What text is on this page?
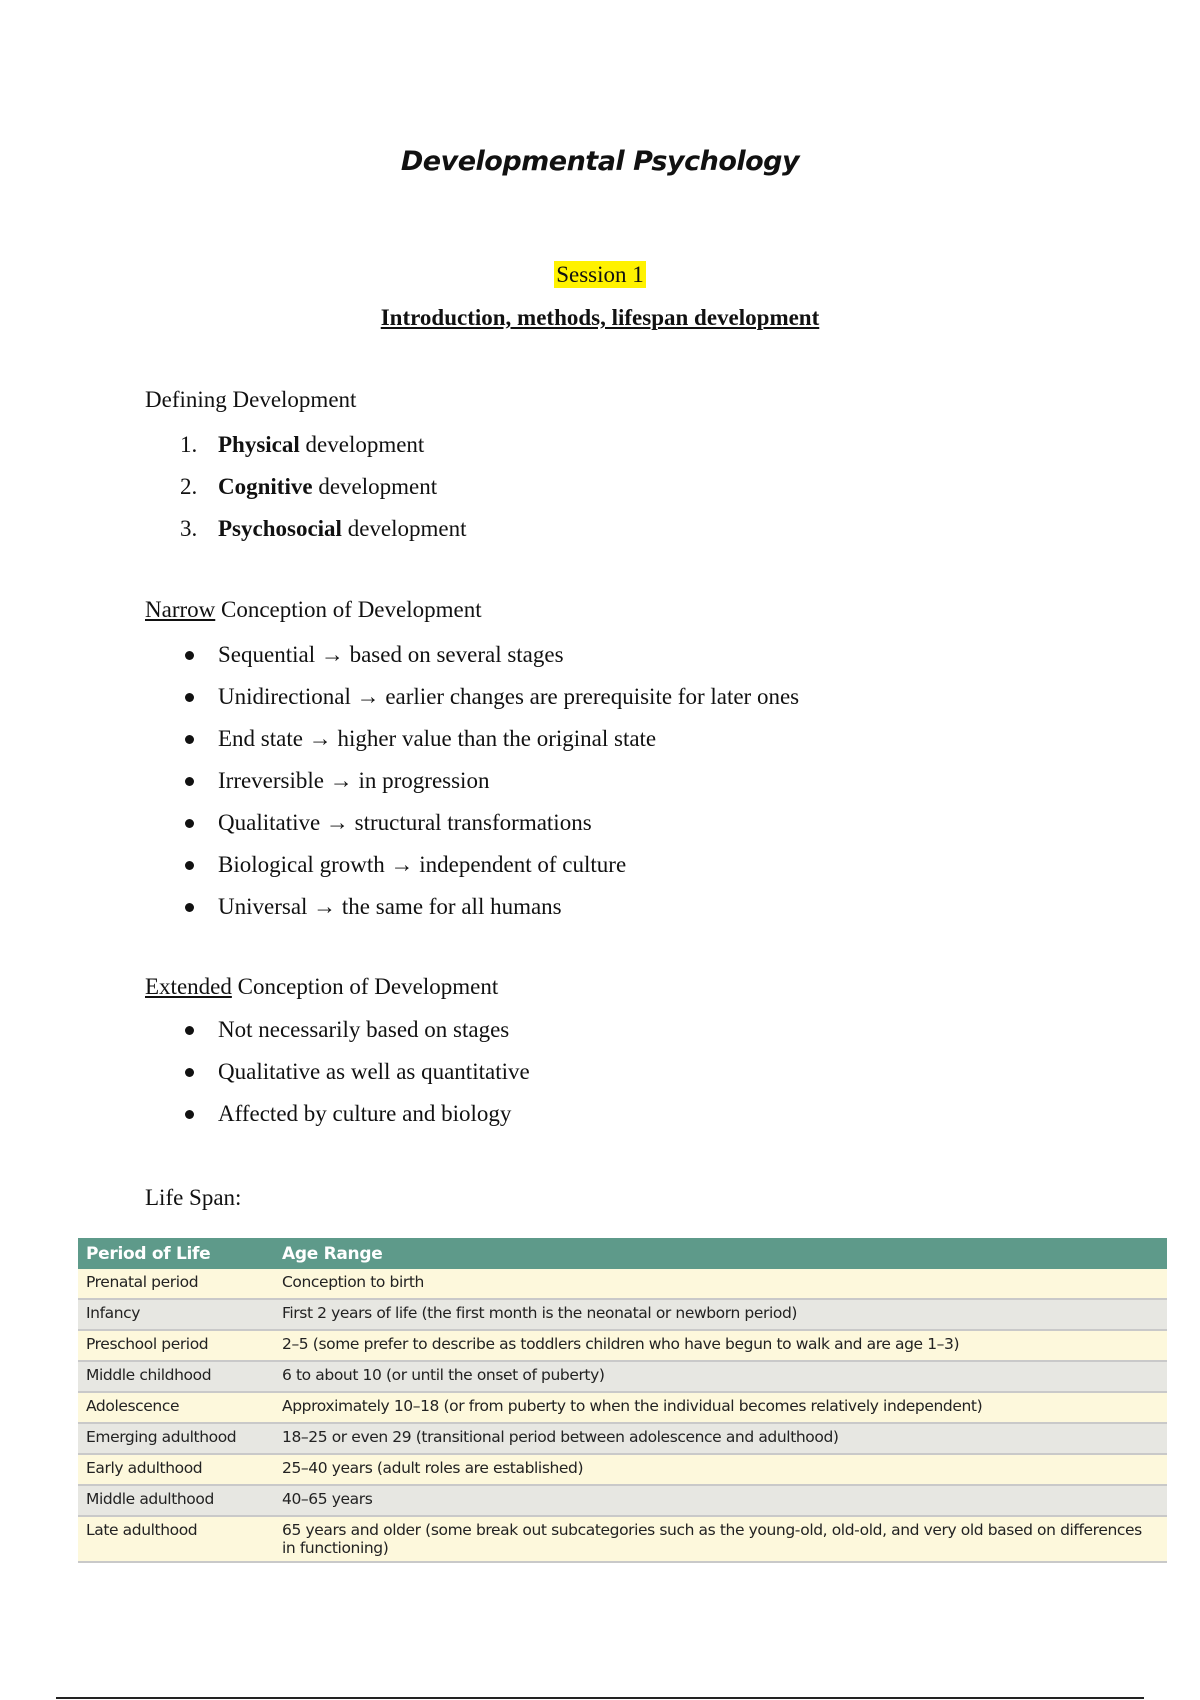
Developmental Psychology
Session 1
Introduction, methods, lifespan development
Defining Development
1. Physical development
2. Cognitive development
3. Psychosocial development
Narrow Conception of Development
Sequential → based on several stages
Unidirectional → earlier changes are prerequisite for later ones
End state → higher value than the original state
Irreversible → in progression
Qualitative → structural transformations
Biological growth → independent of culture
Universal → the same for all humans
Extended Conception of Development
Not necessarily based on stages
Qualitative as well as quantitative
Affected by culture and biology
Life Span:
Period of Life	Age Range
Prenatal period	Conception to birth
Infancy	First 2 years of life (the first month is the neonatal or newborn period)
Preschool period	2–5 (some prefer to describe as toddlers children who have begun to walk and are age 1–3)
Middle childhood	6 to about 10 (or until the onset of puberty)
Adolescence	Approximately 10–18 (or from puberty to when the individual becomes relatively independent)
Emerging adulthood	18–25 or even 29 (transitional period between adolescence and adulthood)
Early adulthood	25–40 years (adult roles are established)
Middle adulthood	40–65 years
Late adulthood	65 years and older (some break out subcategories such as the young-old, old-old, and very old based on differences in functioning)
